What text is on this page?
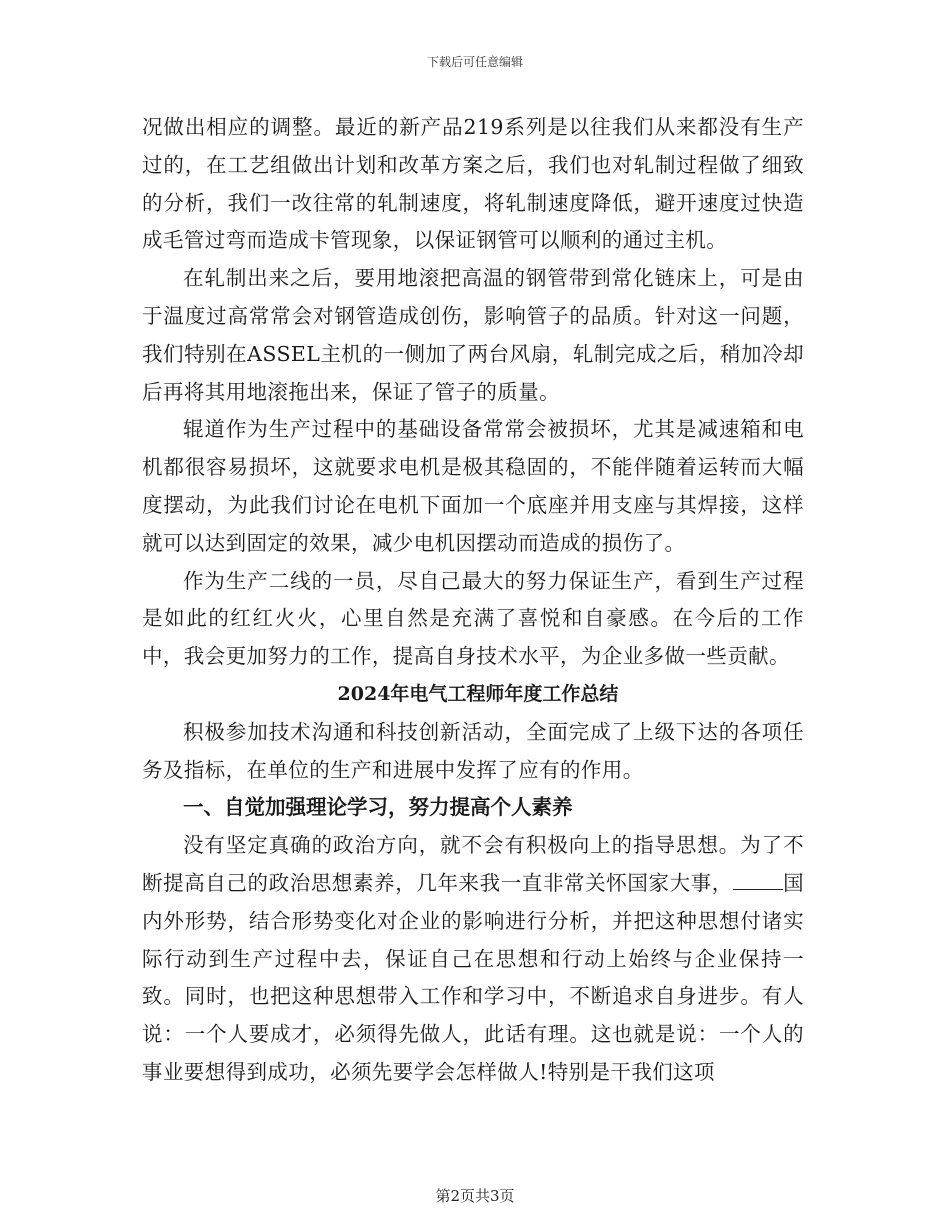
下载后可任意编辑

况做出相应的调整。最近的新产品219系列是以往我们从来都没有生产过的，在工艺组做出计划和改革方案之后，我们也对轧制过程做了细致的分析，我们一改往常的轧制速度，将轧制速度降低，避开速度过快造成毛管过弯而造成卡管现象，以保证钢管可以顺利的通过主机。

在轧制出来之后，要用地滚把高温的钢管带到常化链床上，可是由于温度过高常常会对钢管造成创伤，影响管子的品质。针对这一问题，我们特别在ASSEL主机的一侧加了两台风扇，轧制完成之后，稍加冷却后再将其用地滚拖出来，保证了管子的质量。

辊道作为生产过程中的基础设备常常会被损坏，尤其是减速箱和电机都很容易损坏，这就要求电机是极其稳固的，不能伴随着运转而大幅度摆动，为此我们讨论在电机下面加一个底座并用支座与其焊接，这样就可以达到固定的效果，减少电机因摆动而造成的损伤了。

作为生产二线的一员，尽自己最大的努力保证生产，看到生产过程是如此的红红火火，心里自然是充满了喜悦和自豪感。在今后的工作中，我会更加努力的工作，提高自身技术水平，为企业多做一些贡献。

2024年电气工程师年度工作总结

积极参加技术沟通和科技创新活动，全面完成了上级下达的各项任务及指标，在单位的生产和进展中发挥了应有的作用。

一、自觉加强理论学习，努力提高个人素养

没有坚定真确的政治方向，就不会有积极向上的指导思想。为了不断提高自己的政治思想素养，几年来我一直非常关怀国家大事， 国内外形势，结合形势变化对企业的影响进行分析，并把这种思想付诸实际行动到生产过程中去，保证自己在思想和行动上始终与企业保持一致。同时，也把这种思想带入工作和学习中，不断追求自身进步。有人说：一个人要成才，必须得先做人，此话有理。这也就是说：一个人的事业要想得到成功，必须先要学会怎样做人!特别是干我们这项

第2页共3页
